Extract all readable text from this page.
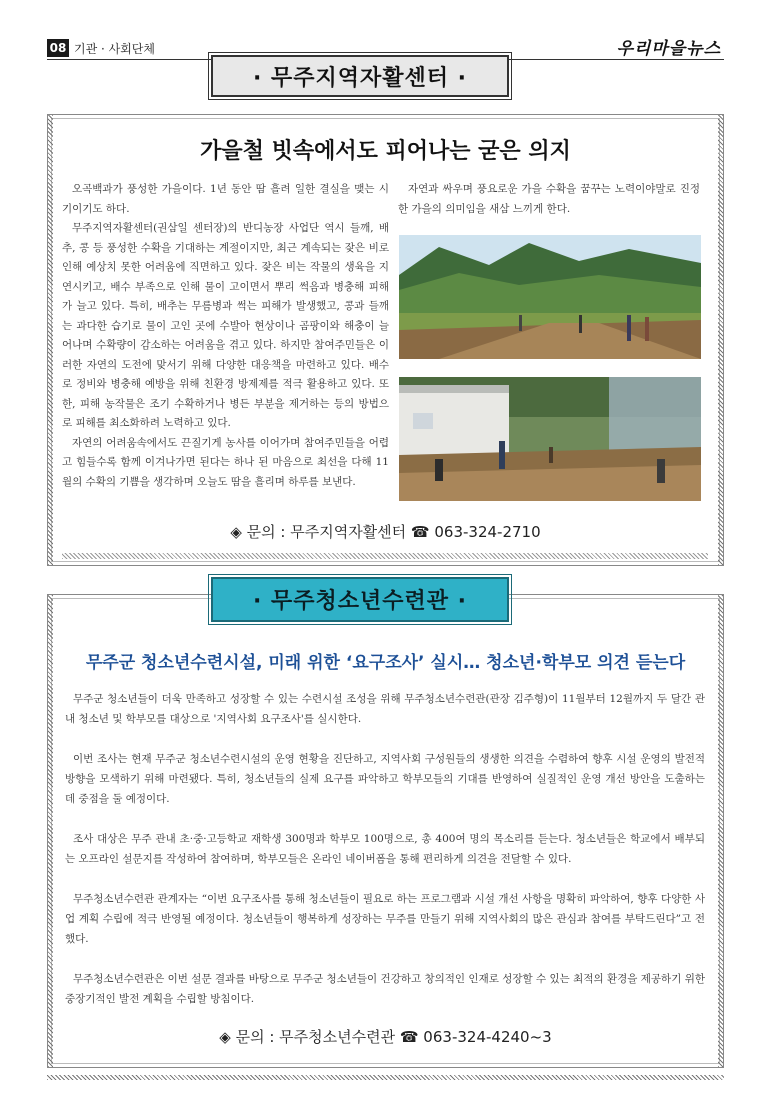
08 기관 · 사회단체	우리마을뉴스
· 무주지역자활센터 ·
가을철 빗속에서도 피어나는 굳은 의지

오곡백과가 풍성한 가을이다. 1년 동안 땀 흘려 일한 결실을 맺는 시기이기도 하다.

무주지역자활센터(권삼일 센터장)의 반디농장 사업단 역시 들깨, 배추, 콩 등 풍성한 수확을 기대하는 계절이지만, 최근 계속되는 잦은 비로 인해 예상치 못한 어려움에 직면하고 있다. 잦은 비는 작물의 생육을 지연시키고, 배수 부족으로 인해 물이 고이면서 뿌리 썩음과 병충해 피해가 늘고 있다. 특히, 배추는 무름병과 썩는 피해가 발생했고, 콩과 들깨는 과다한 습기로 물이 고인 곳에 수발아 현상이나 곰팡이와 해충이 늘어나며 수확량이 감소하는 어려움을 겪고 있다. 하지만 참여주민들은 이러한 자연의 도전에 맞서기 위해 다양한 대응책을 마련하고 있다. 배수로 정비와 병충해 예방을 위해 친환경 방제제를 적극 활용하고 있다. 또한, 피해 농작물은 조기 수확하거나 병든 부분을 제거하는 등의 방법으로 피해를 최소화하려 노력하고 있다.

자연의 어려움속에서도 끈질기게 농사를 이어가며 참여주민들을 어렵고 힘들수록 함께 이겨나가면 된다는 하나 된 마음으로 최선을 다해 11월의 수확의 기쁨을 생각하며 오늘도 땀을 흘리며 하루를 보낸다.

자연과 싸우며 풍요로운 가을 수확을 꿈꾸는 노력이야말로 진정한 가을의 의미임을 새삼 느끼게 한다.

◈ 문의 : 무주지역자활센터 ☎ 063-324-2710
· 무주청소년수련관 ·
무주군 청소년수련시설, 미래 위한 ‘요구조사’ 실시… 청소년·학부모 의견 듣는다

무주군 청소년들이 더욱 만족하고 성장할 수 있는 수련시설 조성을 위해 무주청소년수련관(관장 김주형)이 11월부터 12월까지 두 달간 관내 청소년 및 학부모를 대상으로 '지역사회 요구조사'를 실시한다.

이번 조사는 현재 무주군 청소년수련시설의 운영 현황을 진단하고, 지역사회 구성원들의 생생한 의견을 수렴하여 향후 시설 운영의 발전적 방향을 모색하기 위해 마련됐다. 특히, 청소년들의 실제 요구를 파악하고 학부모들의 기대를 반영하여 실질적인 운영 개선 방안을 도출하는 데 중점을 둘 예정이다.

조사 대상은 무주 관내 초·중·고등학교 재학생 300명과 학부모 100명으로, 총 400여 명의 목소리를 듣는다. 청소년들은 학교에서 배부되는 오프라인 설문지를 작성하여 참여하며, 학부모들은 온라인 네이버폼을 통해 편리하게 의견을 전달할 수 있다.

무주청소년수련관 관계자는 “이번 요구조사를 통해 청소년들이 필요로 하는 프로그램과 시설 개선 사항을 명확히 파악하여, 향후 다양한 사업 계획 수립에 적극 반영될 예정이다. 청소년들이 행복하게 성장하는 무주를 만들기 위해 지역사회의 많은 관심과 참여를 부탁드린다”고 전했다.

무주청소년수련관은 이번 설문 결과를 바탕으로 무주군 청소년들이 건강하고 창의적인 인재로 성장할 수 있는 최적의 환경을 제공하기 위한 중장기적인 발전 계획을 수립할 방침이다.

◈ 문의 : 무주청소년수련관 ☎ 063-324-4240~3
